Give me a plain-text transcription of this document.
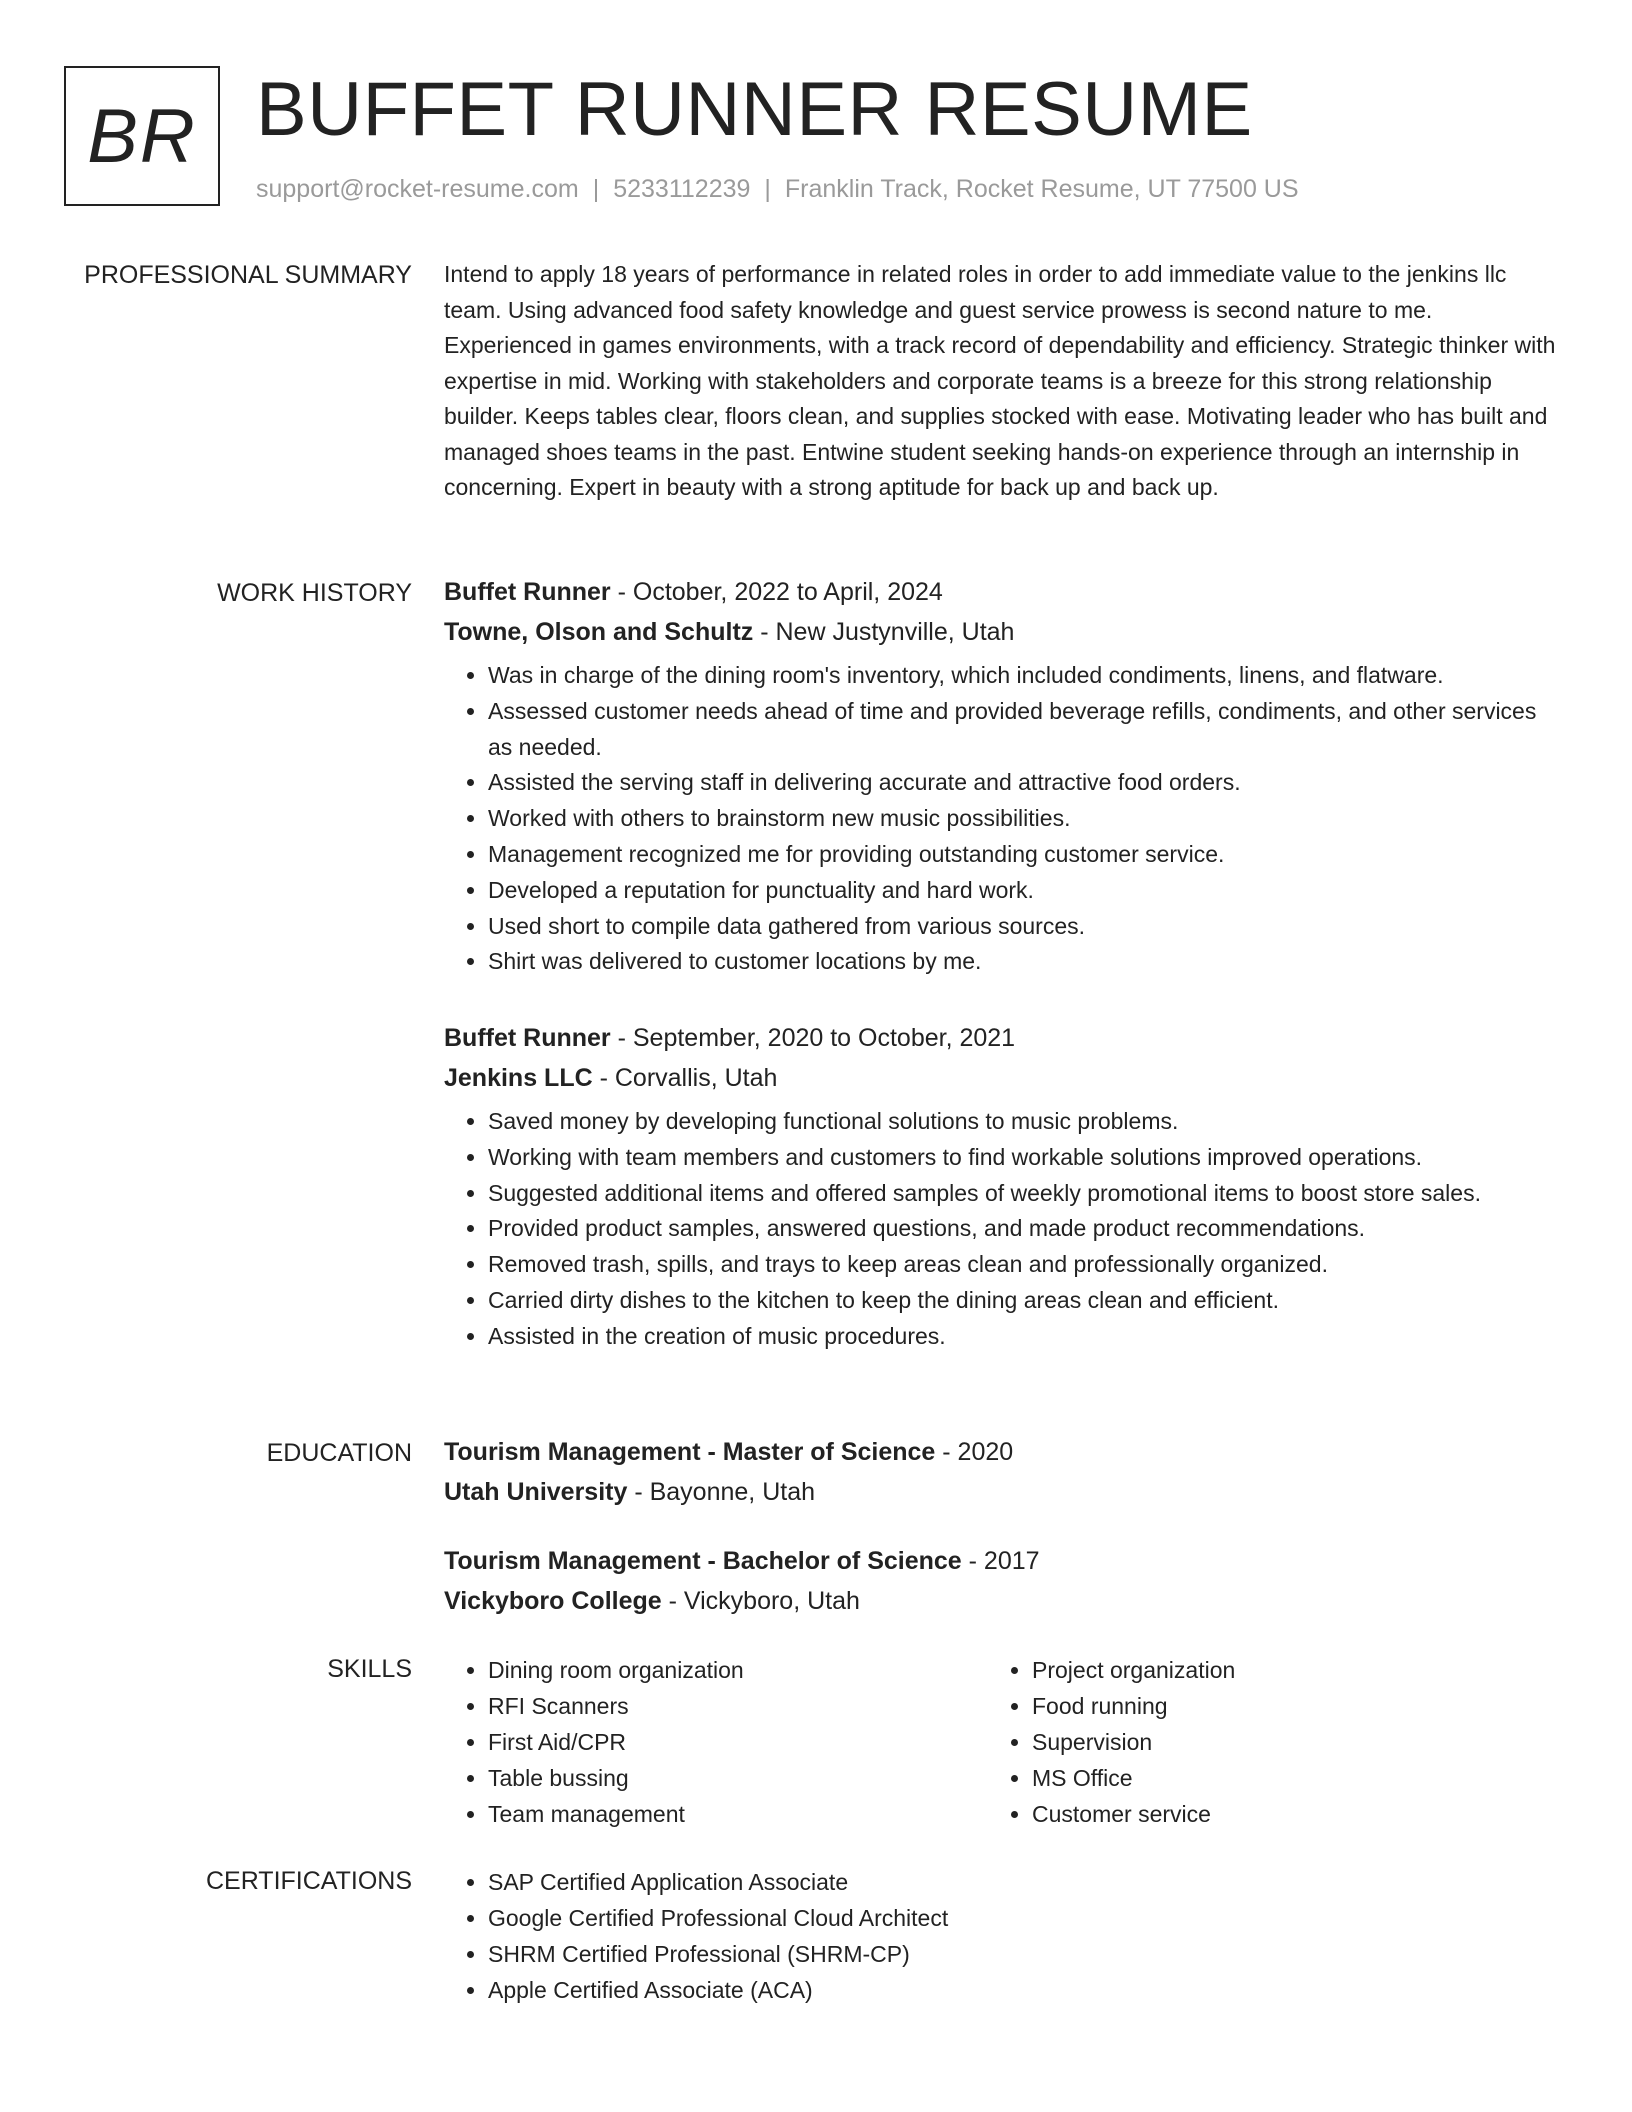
BR BUFFET RUNNER RESUME
support@rocket-resume.com | 5233112239 | Franklin Track, Rocket Resume, UT 77500 US
PROFESSIONAL SUMMARY Intend to apply 18 years of performance in related roles in order to add immediate value to the jenkins llc team. Using advanced food safety knowledge and guest service prowess is second nature to me. Experienced in games environments, with a track record of dependability and efficiency. Strategic thinker with expertise in mid. Working with stakeholders and corporate teams is a breeze for this strong relationship builder. Keeps tables clear, floors clean, and supplies stocked with ease. Motivating leader who has built and managed shoes teams in the past. Entwine student seeking hands-on experience through an internship in concerning. Expert in beauty with a strong aptitude for back up and back up.
WORK HISTORY Buffet Runner - October, 2022 to April, 2024
Towne, Olson and Schultz - New Justynville, Utah
• Was in charge of the dining room's inventory, which included condiments, linens, and flatware.
• Assessed customer needs ahead of time and provided beverage refills, condiments, and other services as needed.
• Assisted the serving staff in delivering accurate and attractive food orders.
• Worked with others to brainstorm new music possibilities.
• Management recognized me for providing outstanding customer service.
• Developed a reputation for punctuality and hard work.
• Used short to compile data gathered from various sources.
• Shirt was delivered to customer locations by me.
Buffet Runner - September, 2020 to October, 2021
Jenkins LLC - Corvallis, Utah
• Saved money by developing functional solutions to music problems.
• Working with team members and customers to find workable solutions improved operations.
• Suggested additional items and offered samples of weekly promotional items to boost store sales.
• Provided product samples, answered questions, and made product recommendations.
• Removed trash, spills, and trays to keep areas clean and professionally organized.
• Carried dirty dishes to the kitchen to keep the dining areas clean and efficient.
• Assisted in the creation of music procedures.
EDUCATION Tourism Management - Master of Science - 2020
Utah University - Bayonne, Utah
Tourism Management - Bachelor of Science - 2017
Vickyboro College - Vickyboro, Utah
SKILLS	• Dining room organization
• RFI Scanners
• First Aid/CPR
• Table bussing
• Team management
• Project organization
• Food running
• Supervision
• MS Office
• Customer service
CERTIFICATIONS	• SAP Certified Application Associate
• Google Certified Professional Cloud Architect
• SHRM Certified Professional (SHRM-CP)
• Apple Certified Associate (ACA)
